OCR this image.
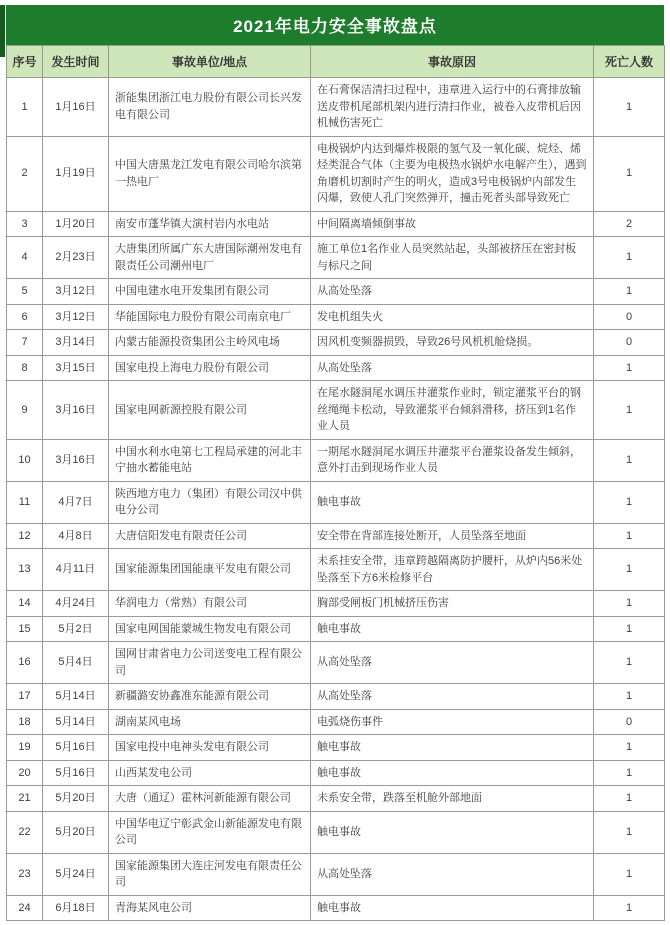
2021年电力安全事故盘点
序号	发生时间	事故单位/地点	事故原因	死亡人数
1	1月16日	浙能集团浙江电力股份有限公司长兴发电有限公司	在石膏保洁清扫过程中，违章进入运行中的石膏排放输送皮带机尾部机架内进行清扫作业，被卷入皮带机后因机械伤害死亡	1
2	1月19日	中国大唐黑龙江发电有限公司哈尔滨第一热电厂	电极锅炉内达到爆炸极限的氢气及一氧化碳、烷烃、烯烃类混合气体（主要为电极热水锅炉水电解产生），遇到角磨机切割时产生的明火，造成3号电极锅炉内部发生闪爆，致使人孔门突然弹开，撞击死者头部导致死亡	1
3	1月20日	南安市蓬华镇大演村岩内水电站	中间隔离墙倾倒事故	2
4	2月23日	大唐集团所属广东大唐国际潮州发电有限责任公司潮州电厂	施工单位1名作业人员突然站起，头部被挤压在密封板与标尺之间	1
5	3月12日	中国电建水电开发集团有限公司	从高处坠落	1
6	3月12日	华能国际电力股份有限公司南京电厂	发电机组失火	0
7	3月14日	内蒙古能源投资集团公主岭风电场	因风机变频器损毁，导致26号风机机舱烧损。	0
8	3月15日	国家电投上海电力股份有限公司	从高处坠落	1
9	3月16日	国家电网新源控股有限公司	在尾水隧洞尾水调压井灌浆作业时，锁定灌浆平台的钢丝绳绳卡松动，导致灌浆平台倾斜滑移，挤压到1名作业人员	1
10	3月16日	中国水利水电第七工程局承建的河北丰宁抽水蓄能电站	一期尾水隧洞尾水调压井灌浆平台灌浆设备发生倾斜，意外打击到现场作业人员	1
11	4月7日	陕西地方电力（集团）有限公司汉中供电分公司	触电事故	1
12	4月8日	大唐信阳发电有限责任公司	安全带在背部连接处断开，人员坠落至地面	1
13	4月11日	国家能源集团国能康平发电有限公司	未系挂安全带，违章跨越隔离防护腰杆，从炉内56米处坠落至下方6米检修平台	1
14	4月24日	华润电力（常熟）有限公司	胸部受闸板门机械挤压伤害	1
15	5月2日	国家电网国能蒙城生物发电有限公司	触电事故	1
16	5月4日	国网甘肃省电力公司送变电工程有限公司	从高处坠落	1
17	5月14日	新疆潞安协鑫准东能源有限公司	从高处坠落	1
18	5月14日	湖南某风电场	电弧烧伤事件	0
19	5月16日	国家电投中电神头发电有限公司	触电事故	1
20	5月16日	山西某发电公司	触电事故	1
21	5月20日	大唐（通辽）霍林河新能源有限公司	未系安全带，跌落至机舱外部地面	1
22	5月20日	中国华电辽宁彰武金山新能源发电有限公司	触电事故	1
23	5月24日	国家能源集团大连庄河发电有限责任公司	从高处坠落	1
24	6月18日	青海某风电公司	触电事故	1
